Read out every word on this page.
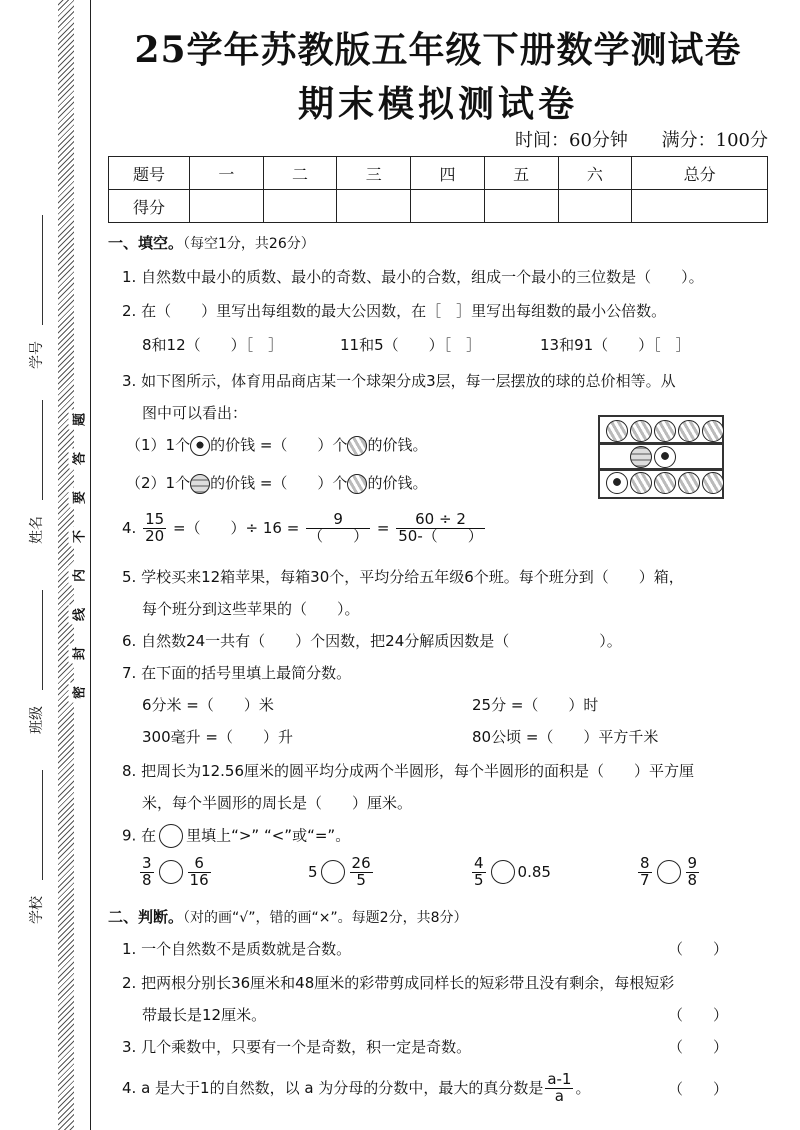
学号
姓名
班级
学校
题
答
要
不
内
线
封
密
25学年苏教版五年级下册数学测试卷
期末模拟测试卷
时间：60分钟 满分：100分
题号	一	二	三	四	五	六	总分
得分							
一、填空。（每空1分，共26分）
1. 自然数中最小的质数、最小的奇数、最小的合数，组成一个最小的三位数是（　　）。
2. 在（　　）里写出每组数的最大公因数，在［　］里写出每组数的最小公倍数。
8和12（　　）［　］	11和5（　　）［　］	13和91（　　）［　］
3. 如下图所示，体育用品商店某一个球架分成3层，每一层摆放的球的总价相等。从
图中可以看出：
（1）1个 的价钱 =（　　）个 的价钱。
（2）1个 的价钱 =（　　）个 的价钱。
4. $\frac{15}{20}$ =（　　）÷ $16 = \frac{9}{( )} = \frac{60 \div 2}{50-( )}$
5. 学校买来12箱苹果，每箱30个，平均分给五年级6个班。每个班分到（　　）箱，
每个班分到这些苹果的（　　）。
6. 自然数24一共有（　　）个因数，把24分解质因数是（　　　　　　）。
7. 在下面的括号里填上最简分数。
6分米 =（　　）米	25分 =（　　）时
300毫升 =（　　）升	80公顷 =（　　）平方千米
8. 把周长为12.56厘米的圆平均分成两个半圆形，每个半圆形的面积是（　　）平方厘
米，每个半圆形的周长是（　　）厘米。
9. 在 里填上“>” “<”或“=”。
$\frac{3}{8} \frac{6}{16}$	$5 \frac{26}{5}$	$\frac{4}{5} 0.85$	$\frac{8}{7} \frac{9}{8}$
二、判断。（对的画“√”，错的画“×”。每题2分，共8分）
1. 一个自然数不是质数就是合数。	（　　）
2. 把两根分别长36厘米和48厘米的彩带剪成同样长的短彩带且没有剩余，每根短彩
带最长是12厘米。	（　　）
3. 几个乘数中，只要有一个是奇数，积一定是奇数。	（　　）
4. a 是大于1的自然数，以 a 为分母的分数中，最大的真分数是 $\frac{a-1}{a}$ 。	（　　）
